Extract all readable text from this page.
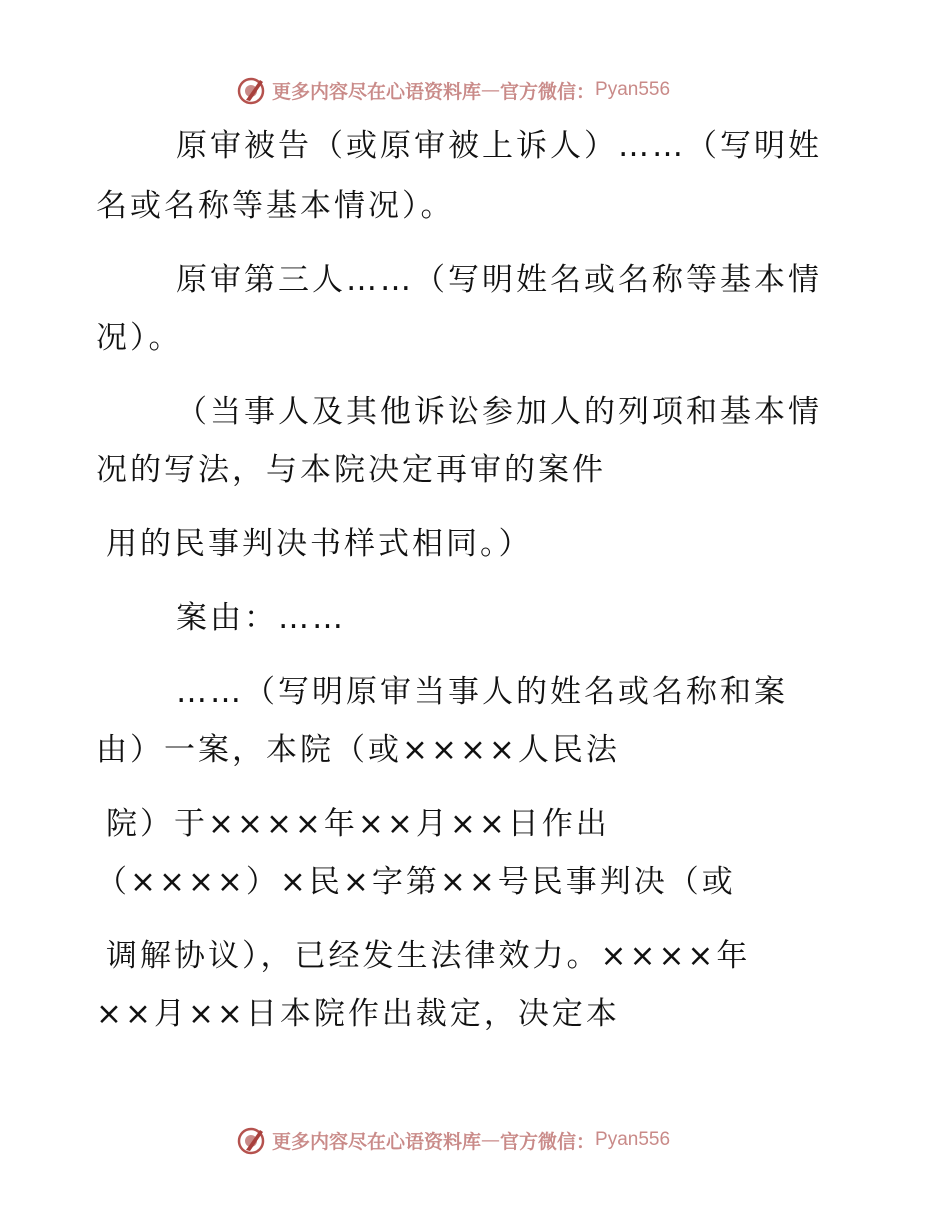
更多内容尽在心语资料库 — 官方微信： Pyan556
原审被告（或原审被上诉人）……（写明姓
名或名称等基本情况）。
原审第三人……（写明姓名或名称等基本情
况）。
（当事人及其他诉讼参加人的列项和基本情
况的写法，与本院决定再审的案件
用的民事判决书样式相同。）
案由：……
……（写明原审当事人的姓名或名称和案
由）一案，本院（或××××人民法
院）于××××年××月××日作出
（××××）×民×字第××号民事判决（或
调解协议），已经发生法律效力。××××年
××月××日本院作出裁定，决定本
更多内容尽在心语资料库 — 官方微信： Pyan556
